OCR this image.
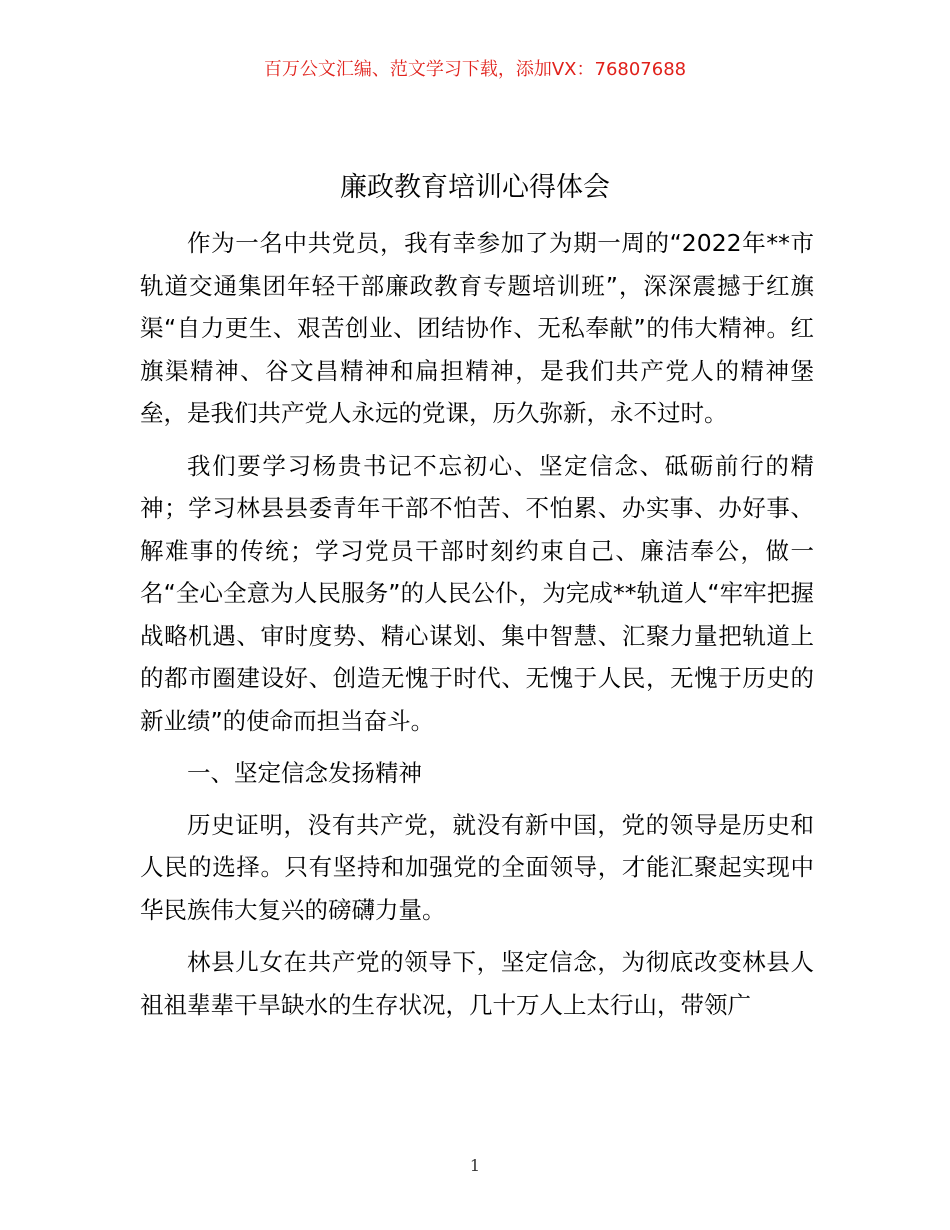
百万公文汇编、范文学习下载，添加VX：76807688
廉政教育培训心得体会

作为一名中共党员，我有幸参加了为期一周的“2022年**市轨道交通集团年轻干部廉政教育专题培训班”，深深震撼于红旗渠“自力更生、艰苦创业、团结协作、无私奉献”的伟大精神。红旗渠精神、谷文昌精神和扁担精神，是我们共产党人的精神堡垒，是我们共产党人永远的党课，历久弥新，永不过时。

我们要学习杨贵书记不忘初心、坚定信念、砥砺前行的精神；学习林县县委青年干部不怕苦、不怕累、办实事、办好事、解难事的传统；学习党员干部时刻约束自己、廉洁奉公，做一名“全心全意为人民服务”的人民公仆，为完成**轨道人“牢牢把握战略机遇、审时度势、精心谋划、集中智慧、汇聚力量把轨道上的都市圈建设好、创造无愧于时代、无愧于人民，无愧于历史的新业绩”的使命而担当奋斗。

一、坚定信念发扬精神

历史证明，没有共产党，就没有新中国，党的领导是历史和人民的选择。只有坚持和加强党的全面领导，才能汇聚起实现中华民族伟大复兴的磅礴力量。

林县儿女在共产党的领导下，坚定信念，为彻底改变林县人祖祖辈辈干旱缺水的生存状况，几十万人上太行山，带领广

1
